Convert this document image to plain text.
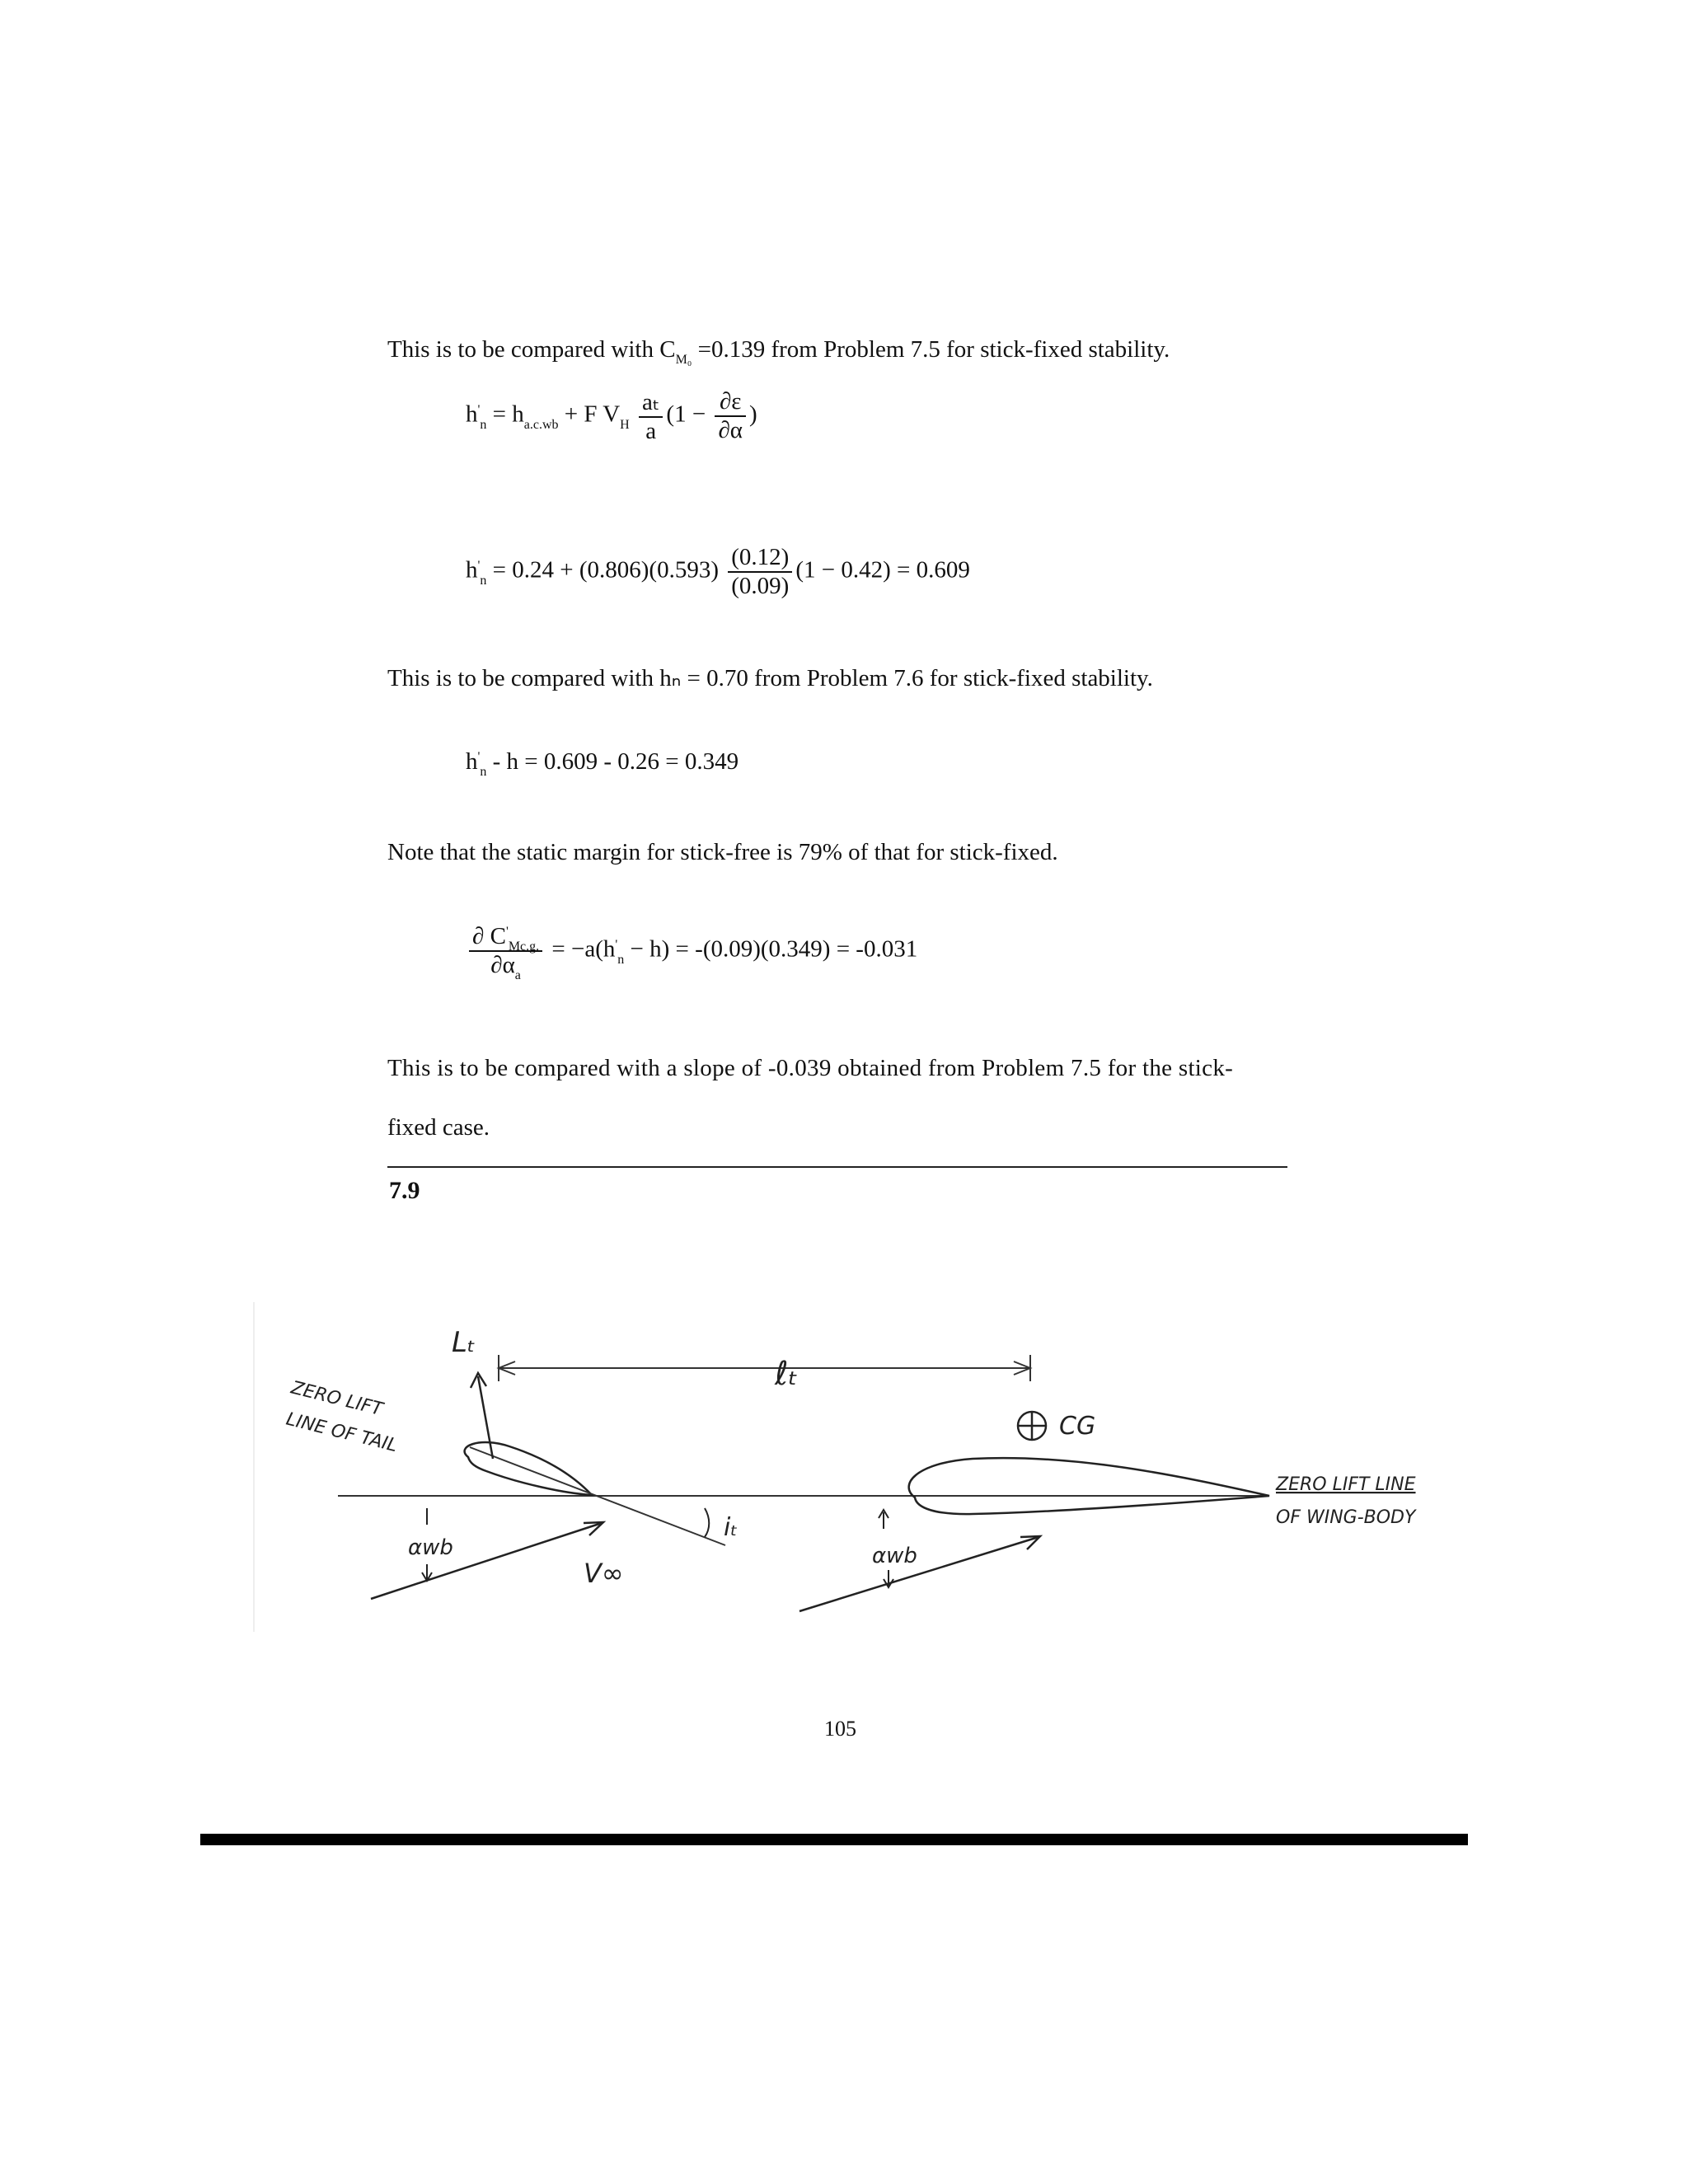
This is to be compared with $C_{M_0} =0.139$ from Problem 7.5 for stick-fixed stability.
$h'_n = h_{a.c.wb} + F$ $V_H \frac{\text{aₜ}}{a} (1 - \frac{\partial\varepsilon}{\partial\alpha}$ )
$h'_n = 0.24 + (0.806)(0.593) \frac{(0.12)}{(0.09)} (1 - 0.42) = 0.609$
This is to be compared with hₙ = 0.70 from Problem 7.6 for stick-fixed stability.
$h'_n - h = 0.609 - 0.26 = 0.349$
Note that the static margin for stick-free is 79% of that for stick-fixed.
$\frac{\partial C'_{Mc.g.}}{\partial\alpha_a} = -a(h'_n - h) = -(0.09)(0.349) = -0.031$
This is to be compared with a slope of -0.039 obtained from Problem 7.5 for the stick-
fixed case.
7.9
Lₜ
ℓₜ
CG
ZERO LIFT
LINE OF TAIL
ZERO LIFT LINE
OF WING-BODY
αwb	αwb
V∞
iₜ
105
